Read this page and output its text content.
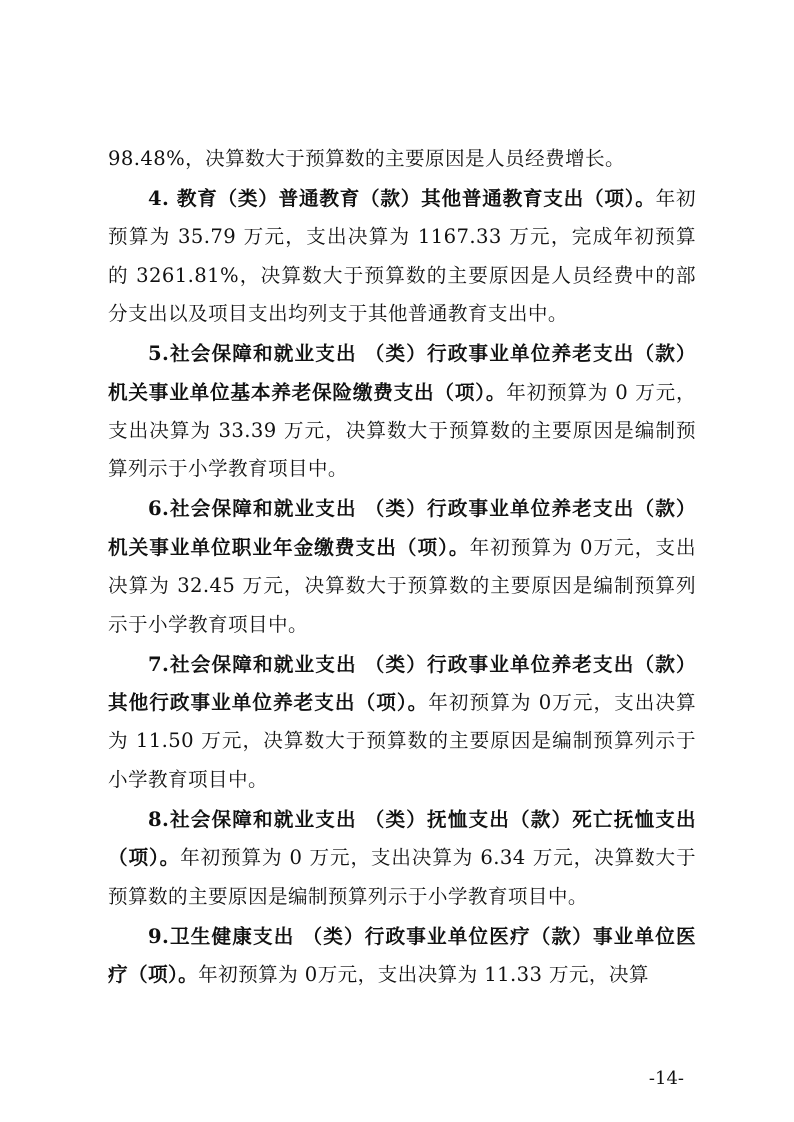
98.48%，决算数大于预算数的主要原因是人员经费增长。

4. 教育（类）普通教育（款）其他普通教育支出（项）。年初预算为 35.79 万元，支出决算为 1167.33 万元，完成年初预算的 3261.81%，决算数大于预算数的主要原因是人员经费中的部分支出以及项目支出均列支于其他普通教育支出中。

5.社会保障和就业支出 （类）行政事业单位养老支出（款）机关事业单位基本养老保险缴费支出（项）。年初预算为 0 万元，支出决算为 33.39 万元，决算数大于预算数的主要原因是编制预算列示于小学教育项目中。

6.社会保障和就业支出 （类）行政事业单位养老支出（款）机关事业单位职业年金缴费支出（项）。年初预算为 0万元，支出决算为 32.45 万元，决算数大于预算数的主要原因是编制预算列示于小学教育项目中。

7.社会保障和就业支出 （类）行政事业单位养老支出（款）其他行政事业单位养老支出（项）。年初预算为 0万元，支出决算为 11.50 万元，决算数大于预算数的主要原因是编制预算列示于小学教育项目中。

8.社会保障和就业支出 （类）抚恤支出（款）死亡抚恤支出（项）。年初预算为 0 万元，支出决算为 6.34 万元，决算数大于预算数的主要原因是编制预算列示于小学教育项目中。

9.卫生健康支出 （类）行政事业单位医疗（款）事业单位医疗（项）。年初预算为 0万元，支出决算为 11.33 万元，决算

-14-
